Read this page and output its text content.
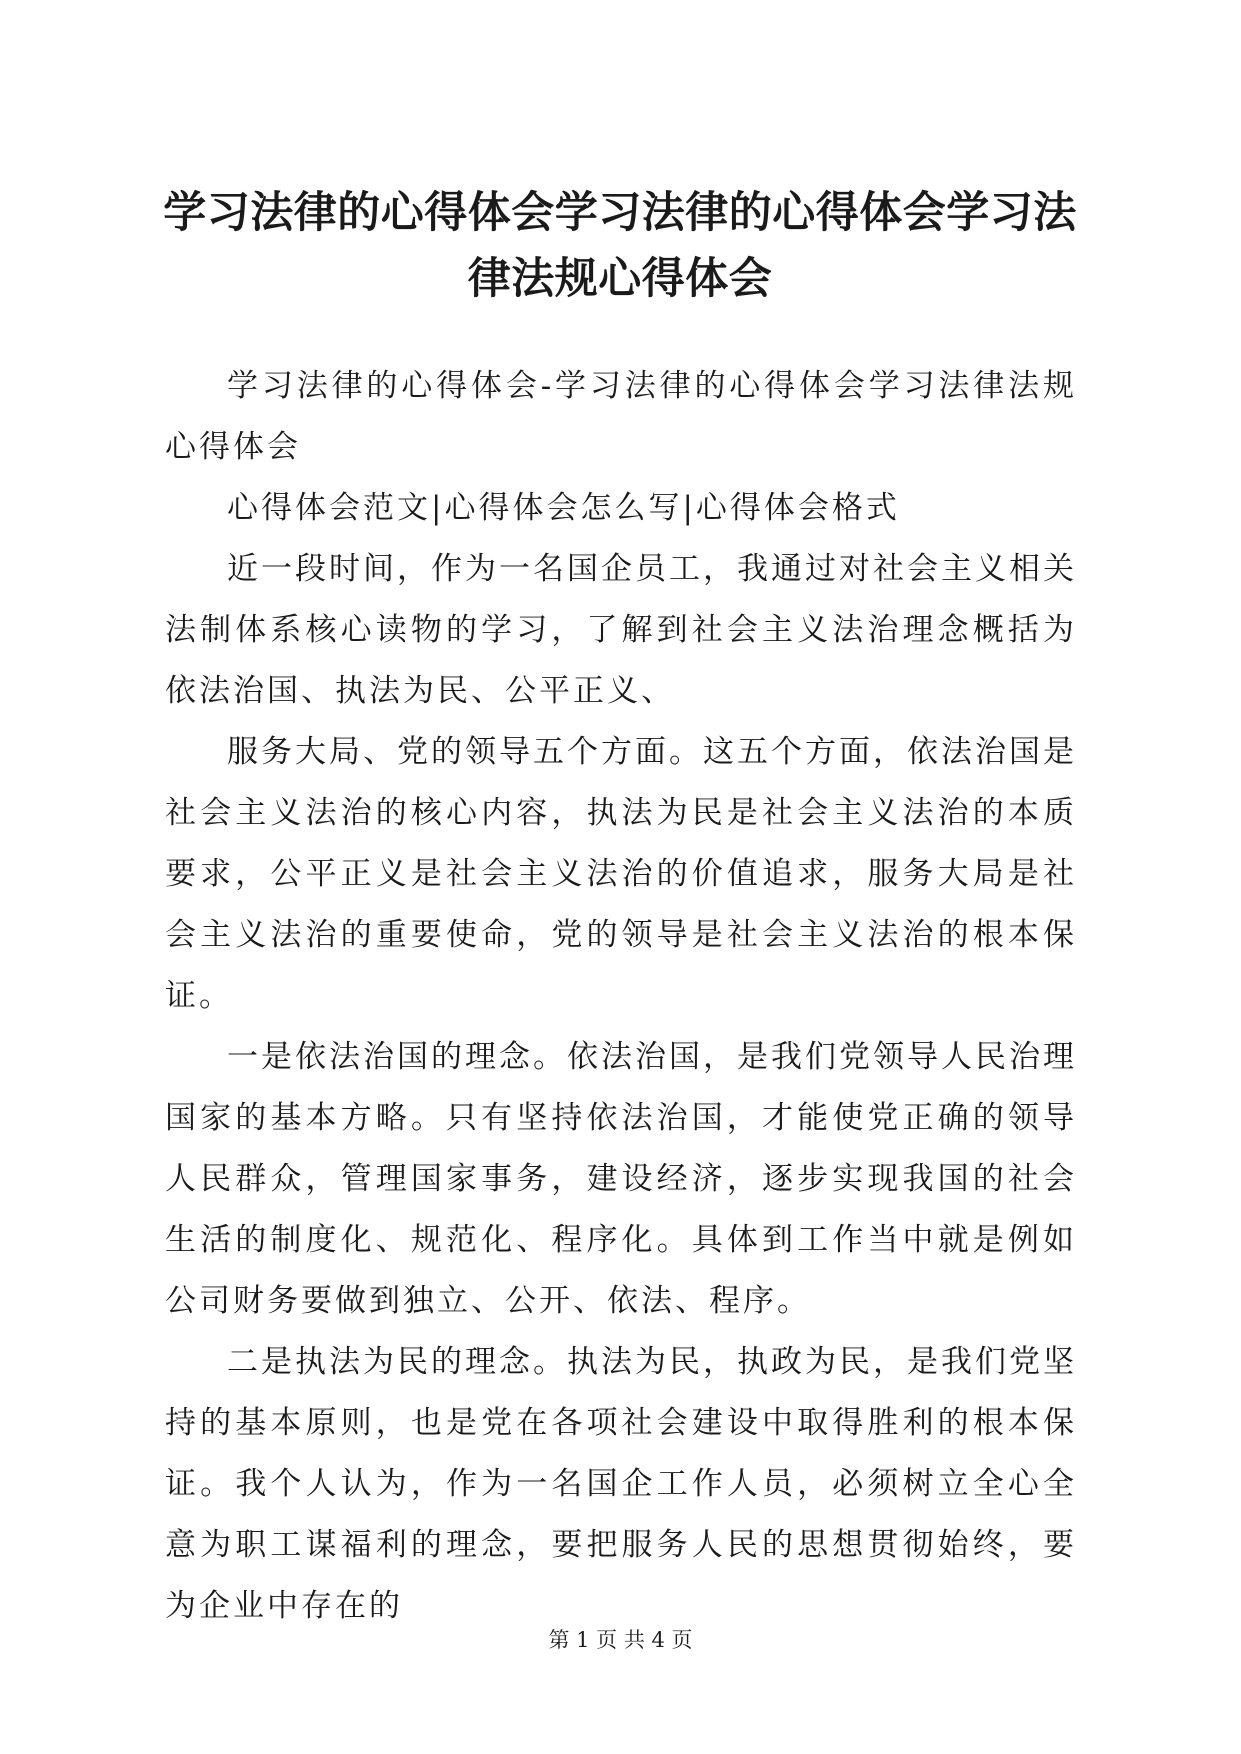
学习法律的心得体会学习法律的心得体会学习法律法规心得体会

学习法律的心得体会-学习法律的心得体会学习法律法规心得体会

心得体会范文|心得体会怎么写|心得体会格式

近一段时间，作为一名国企员工，我通过对社会主义相关法制体系核心读物的学习，了解到社会主义法治理念概括为依法治国、执法为民、公平正义、

服务大局、党的领导五个方面。这五个方面，依法治国是社会主义法治的核心内容，执法为民是社会主义法治的本质要求，公平正义是社会主义法治的价值追求，服务大局是社会主义法治的重要使命，党的领导是社会主义法治的根本保证。

一是依法治国的理念。依法治国，是我们党领导人民治理国家的基本方略。只有坚持依法治国，才能使党正确的领导人民群众，管理国家事务，建设经济，逐步实现我国的社会生活的制度化、规范化、程序化。具体到工作当中就是例如公司财务要做到独立、公开、依法、程序。

二是执法为民的理念。执法为民，执政为民，是我们党坚持的基本原则，也是党在各项社会建设中取得胜利的根本保证。我个人认为，作为一名国企工作人员，必须树立全心全意为职工谋福利的理念，要把服务人民的思想贯彻始终，要为企业中存在的

第 1 页 共 4 页
